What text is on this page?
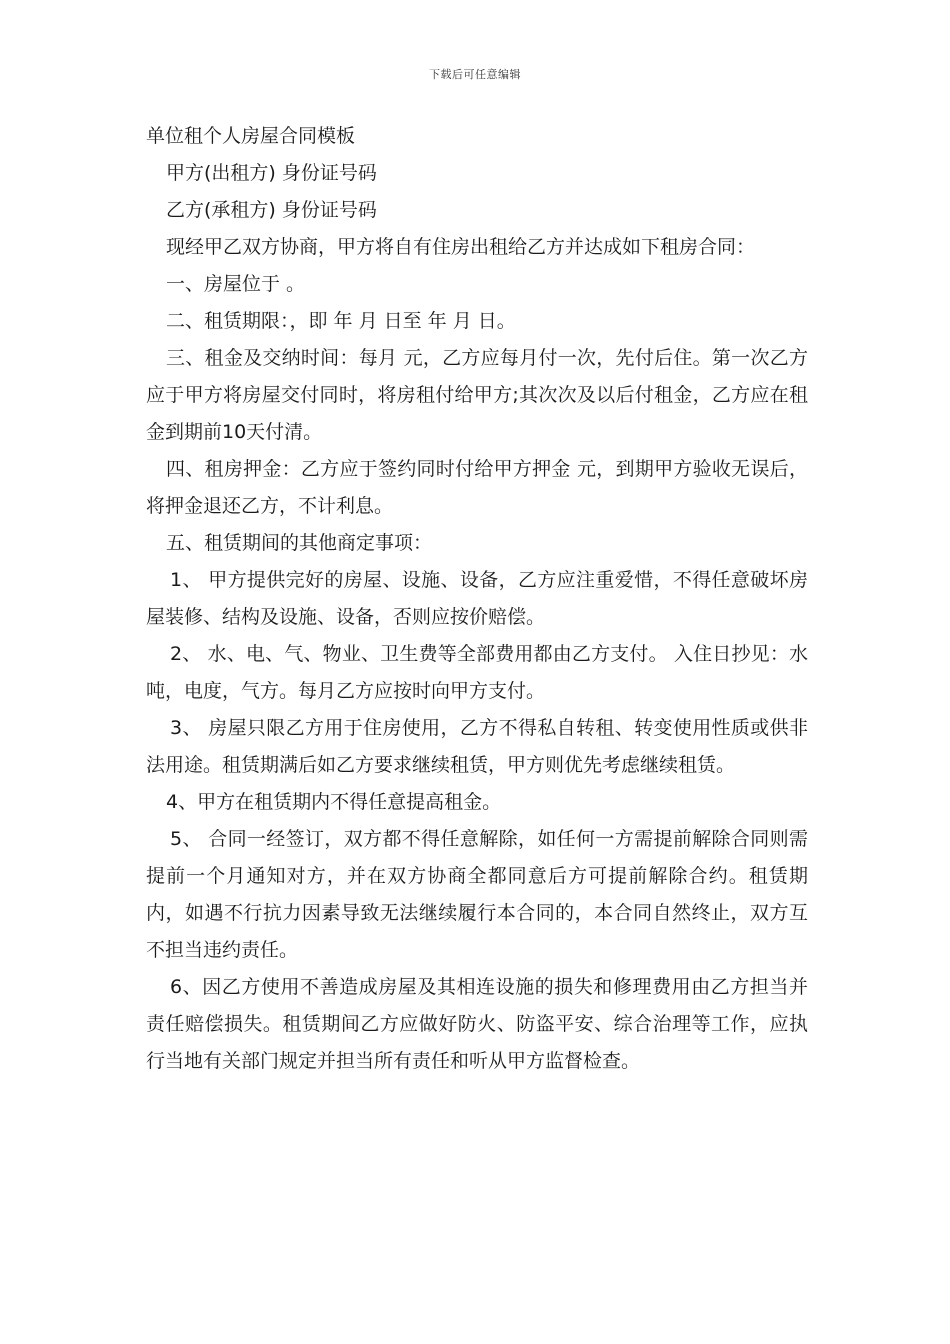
下载后可任意编辑

单位租个人房屋合同模板

甲方(出租方) 身份证号码

乙方(承租方) 身份证号码

现经甲乙双方协商，甲方将自有住房出租给乙方并达成如下租房合同：

一、房屋位于 。

二、租赁期限：，即 年 月 日至 年 月 日。

三、租金及交纳时间：每月 元，乙方应每月付一次，先付后住。第一次乙方应于甲方将房屋交付同时，将房租付给甲方;其次次及以后付租金，乙方应在租金到期前10天付清。

四、租房押金：乙方应于签约同时付给甲方押金 元，到期甲方验收无误后，将押金退还乙方，不计利息。

五、租赁期间的其他商定事项：

1、 甲方提供完好的房屋、设施、设备，乙方应注重爱惜，不得任意破坏房屋装修、结构及设施、设备，否则应按价赔偿。

2、 水、电、气、物业、卫生费等全部费用都由乙方支付。 入住日抄见：水吨，电度，气方。每月乙方应按时向甲方支付。

3、 房屋只限乙方用于住房使用，乙方不得私自转租、转变使用性质或供非法用途。租赁期满后如乙方要求继续租赁，甲方则优先考虑继续租赁。

4、甲方在租赁期内不得任意提高租金。

5、 合同一经签订，双方都不得任意解除，如任何一方需提前解除合同则需提前一个月通知对方，并在双方协商全都同意后方可提前解除合约。租赁期内，如遇不行抗力因素导致无法继续履行本合同的，本合同自然终止，双方互不担当违约责任。

6、因乙方使用不善造成房屋及其相连设施的损失和修理费用由乙方担当并责任赔偿损失。租赁期间乙方应做好防火、防盗平安、综合治理等工作，应执行当地有关部门规定并担当所有责任和听从甲方监督检查。
